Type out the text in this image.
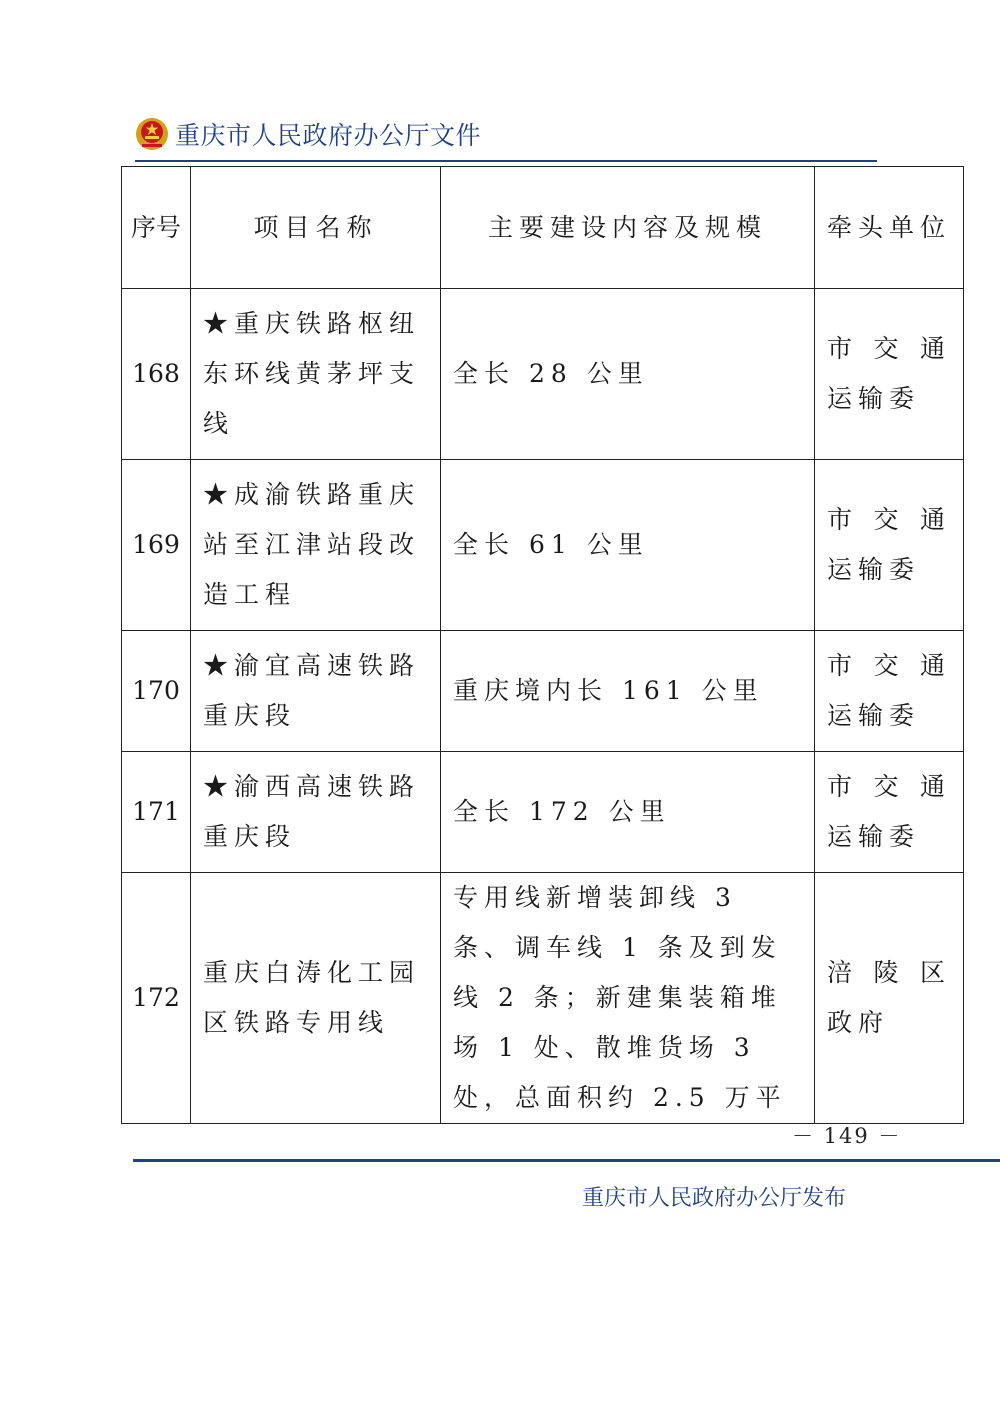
重庆市人民政府办公厅文件
序号	项目名称	主要建设内容及规模	牵头单位
168	★重庆铁路枢纽东环线黄茅坪支线	全长 28 公里	市交通
运输委

169	★成渝铁路重庆站至江津站段改造工程	全长 61 公里	市交通
运输委

170	★渝宜高速铁路重庆段	重庆境内长 161 公里	市交通
运输委

171	★渝西高速铁路重庆段	全长 172 公里	市交通
运输委

172	重庆白涛化工园区铁路专用线	专用线新增装卸线 3 条、调车线 1 条及到发线 2 条；新建集装箱堆场 1 处、散堆货场 3 处，总面积约 2.5 万平	涪陵区
政府
－ 149 －
重庆市人民政府办公厅发布
